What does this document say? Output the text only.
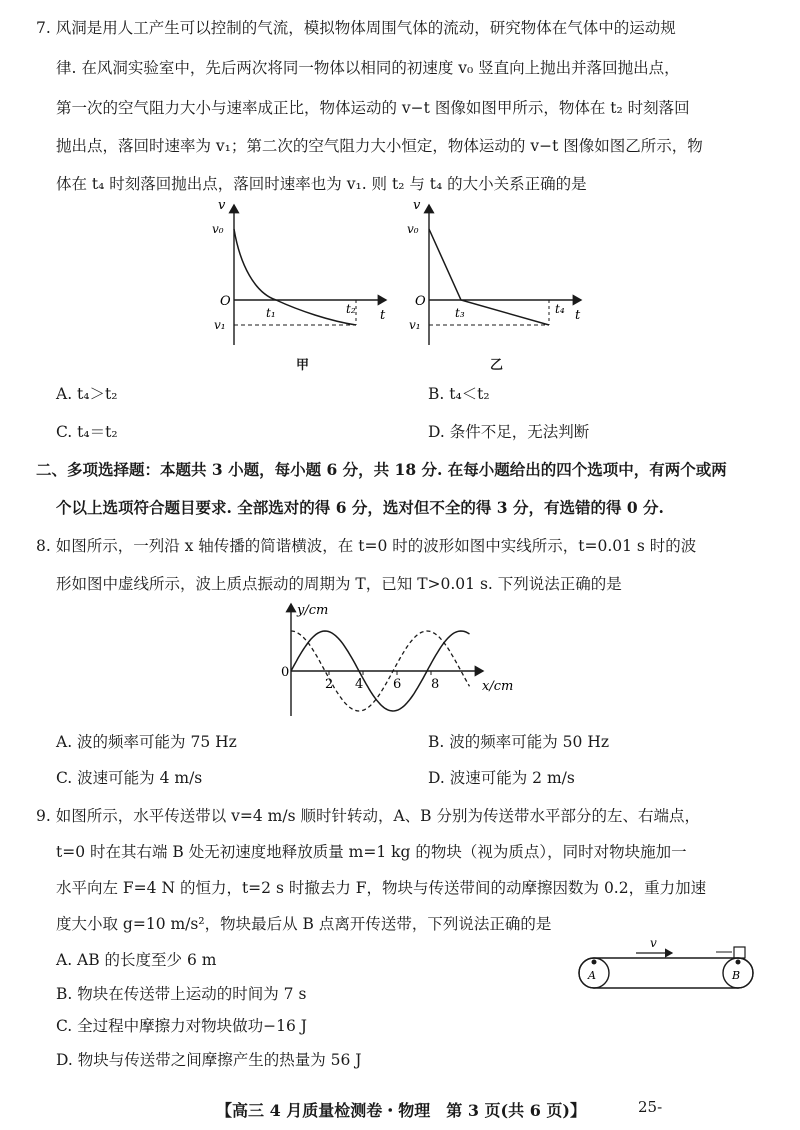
7. 风洞是用人工产生可以控制的气流，模拟物体周围气体的流动，研究物体在气体中的运动规
律. 在风洞实验室中，先后两次将同一物体以相同的初速度 v₀ 竖直向上抛出并落回抛出点，
第一次的空气阻力大小与速率成正比，物体运动的 v−t 图像如图甲所示，物体在 t₂ 时刻落回
抛出点，落回时速率为 v₁；第二次的空气阻力大小恒定，物体运动的 v−t 图像如图乙所示，物
体在 t₄ 时刻落回抛出点，落回时速率也为 v₁. 则 t₂ 与 t₄ 的大小关系正确的是
v
v₀
O
v₁
t₁	t₂ t
甲
v
v₀
O
v₁
t₃	t₄ t
乙
A. t₄＞t₂	B. t₄＜t₂
C. t₄＝t₂	D. 条件不足，无法判断
二、多项选择题：本题共 3 小题，每小题 6 分，共 18 分. 在每小题给出的四个选项中，有两个或两
个以上选项符合题目要求. 全部选对的得 6 分，选对但不全的得 3 分，有选错的得 0 分.
8. 如图所示，一列沿 x 轴传播的简谐横波，在 t=0 时的波形如图中实线所示，t=0.01 s 时的波
形如图中虚线所示，波上质点振动的周期为 T，已知 T>0.01 s. 下列说法正确的是
y/cm
x/cm
0
2 4 6 8
A. 波的频率可能为 75 Hz	B. 波的频率可能为 50 Hz
C. 波速可能为 4 m/s	D. 波速可能为 2 m/s
9. 如图所示，水平传送带以 v=4 m/s 顺时针转动，A、B 分别为传送带水平部分的左、右端点，
t=0 时在其右端 B 处无初速度地释放质量 m=1 kg 的物块（视为质点），同时对物块施加一
水平向左 F=4 N 的恒力，t=2 s 时撤去力 F，物块与传送带间的动摩擦因数为 0.2，重力加速
度大小取 g=10 m/s²，物块最后从 B 点离开传送带，下列说法正确的是
A. AB 的长度至少 6 m
B. 物块在传送带上运动的时间为 7 s
C. 全过程中摩擦力对物块做功−16 J
D. 物块与传送带之间摩擦产生的热量为 56 J
v
A	B
【高三 4 月质量检测卷・物理　第 3 页(共 6 页)】	25-
